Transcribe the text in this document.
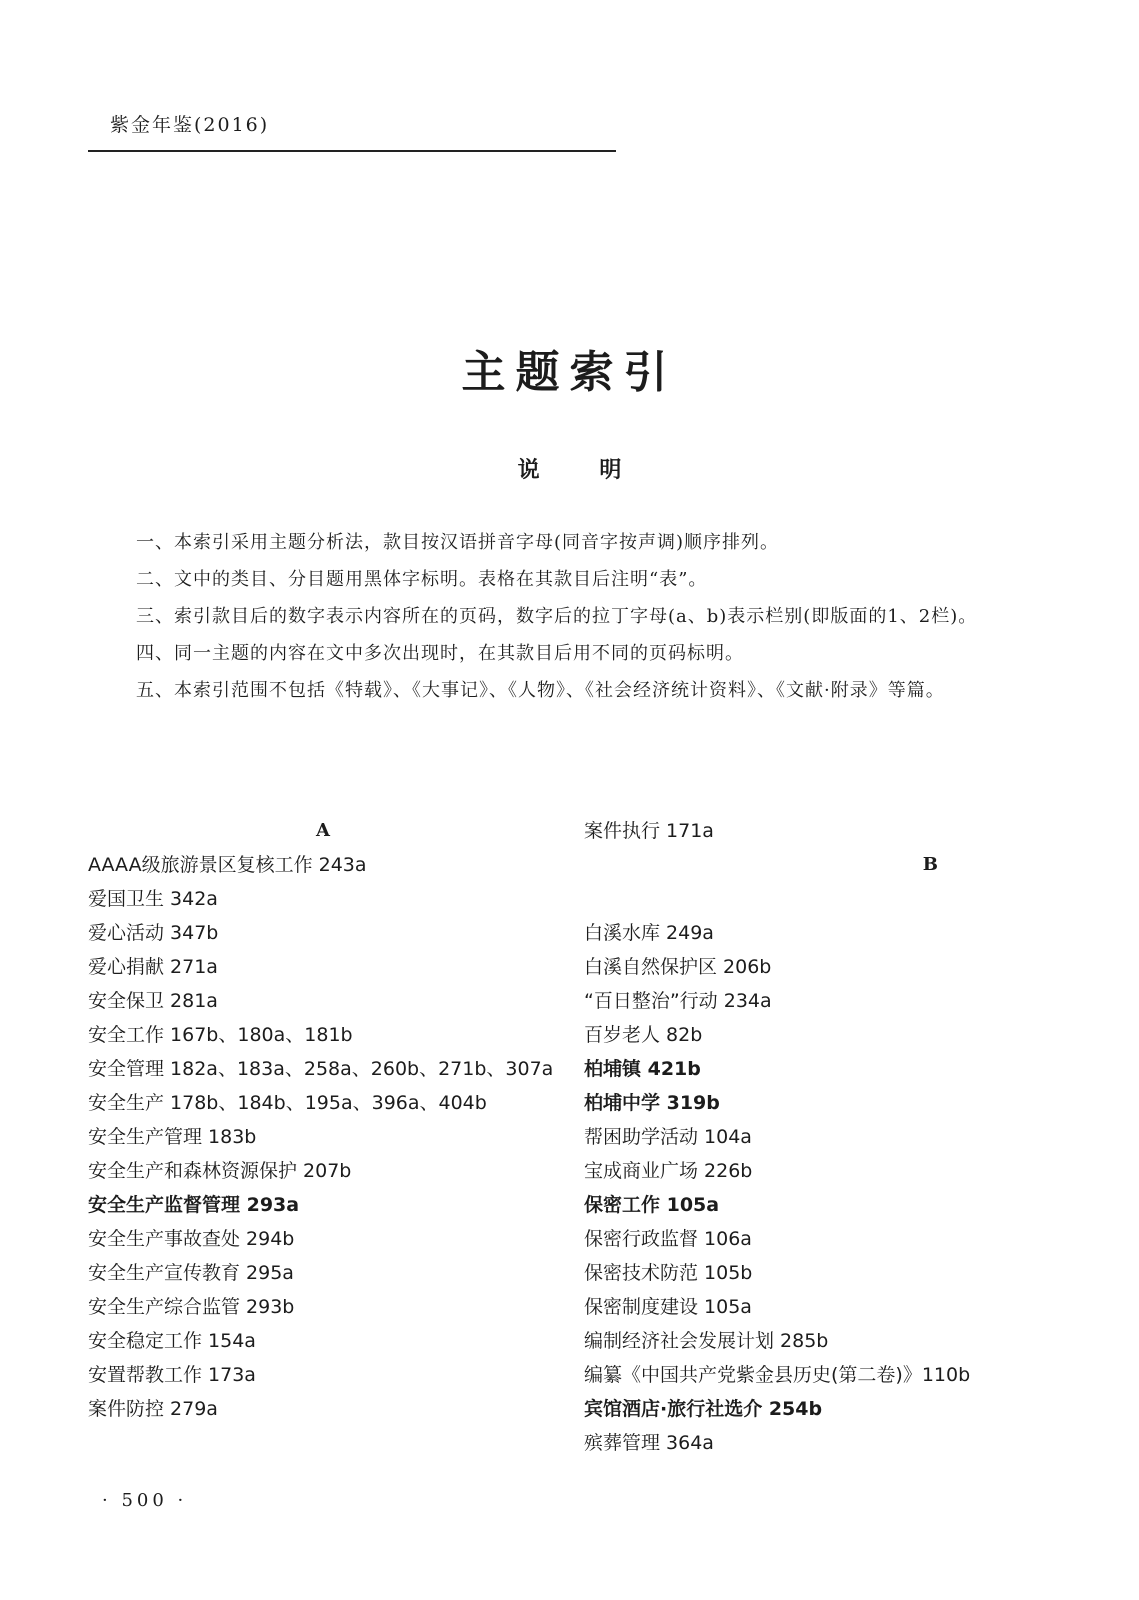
紫金年鉴(2016)
主题索引
说 明

一、本索引采用主题分析法，款目按汉语拼音字母(同音字按声调)顺序排列。

二、文中的类目、分目题用黑体字标明。表格在其款目后注明“表”。

三、索引款目后的数字表示内容所在的页码，数字后的拉丁字母(a、b)表示栏别(即版面的1、2栏)。

四、同一主题的内容在文中多次出现时，在其款目后用不同的页码标明。

五、本索引范围不包括《特载》、《大事记》、《人物》、《社会经济统计资料》、《文献·附录》等篇。

A
AAAA级旅游景区复核工作 243a
爱国卫生 342a
爱心活动 347b
爱心捐献 271a
安全保卫 281a
安全工作 167b、180a、181b
安全管理 182a、183a、258a、260b、271b、307a
安全生产 178b、184b、195a、396a、404b
安全生产管理 183b
安全生产和森林资源保护 207b
安全生产监督管理 293a
安全生产事故查处 294b
安全生产宣传教育 295a
安全生产综合监管 293b
安全稳定工作 154a
安置帮教工作 173a
案件防控 279a
案件执行 171a
B
白溪水库 249a
白溪自然保护区 206b
“百日整治”行动 234a
百岁老人 82b
柏埔镇 421b
柏埔中学 319b
帮困助学活动 104a
宝成商业广场 226b
保密工作 105a
保密行政监督 106a
保密技术防范 105b
保密制度建设 105a
编制经济社会发展计划 285b
编纂《中国共产党紫金县历史(第二卷)》110b
宾馆酒店·旅行社选介 254b
殡葬管理 364a
· 500 ·
